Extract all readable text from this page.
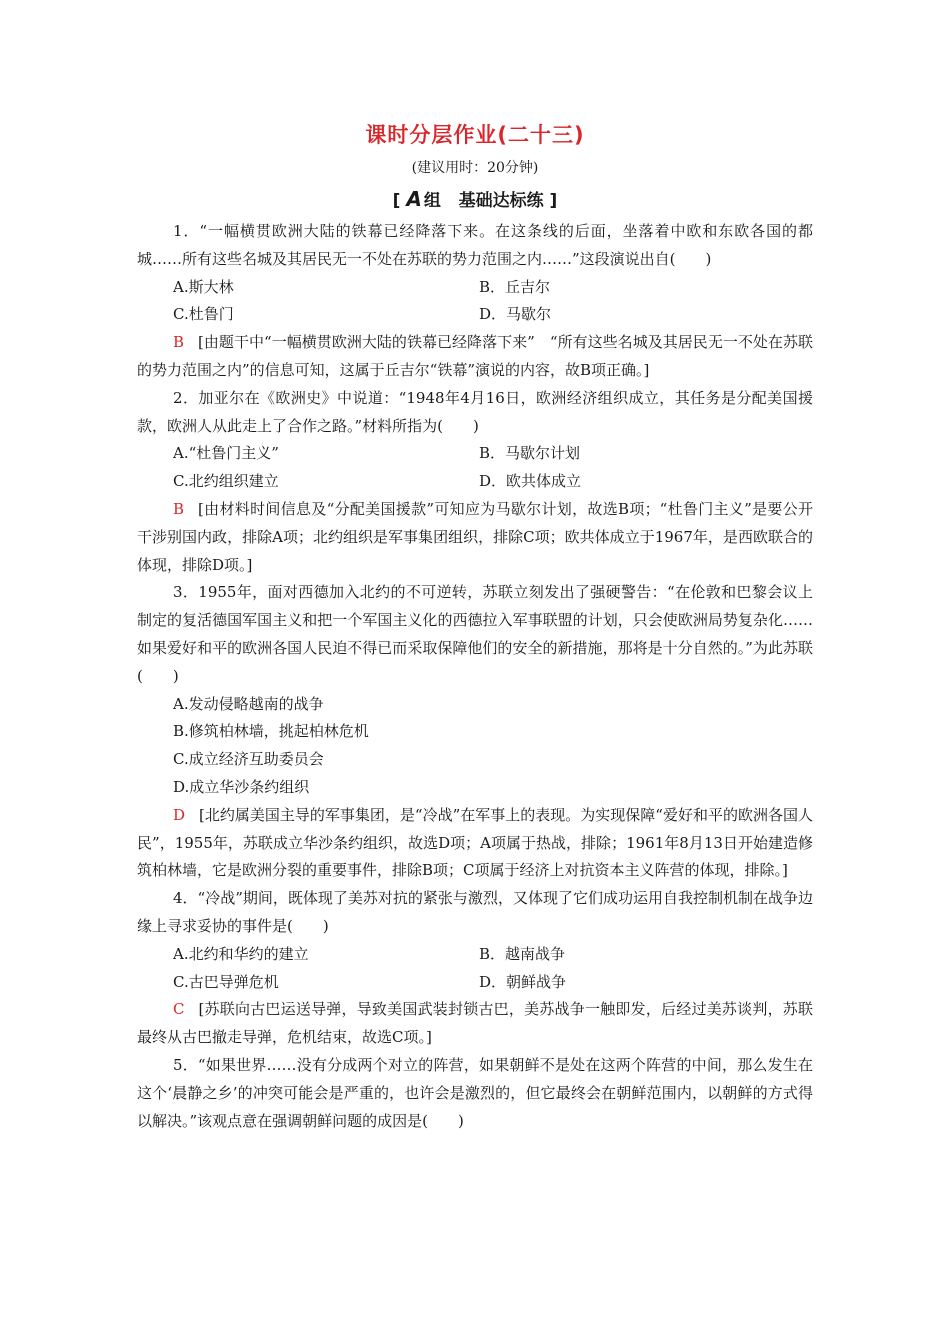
课时分层作业(二十三)
(建议用时：20分钟)
[ A 组 基础达标练 ]

1．“一幅横贯欧洲大陆的铁幕已经降落下来。在这条线的后面，坐落着中欧和东欧各国的都城……所有这些名城及其居民无一不处在苏联的势力范围之内……”这段演说出自(　　)

A.斯大林	B．丘吉尔
C.杜鲁门	D．马歇尔

B [由题干中“一幅横贯欧洲大陆的铁幕已经降落下来”　“所有这些名城及其居民无一不处在苏联的势力范围之内”的信息可知，这属于丘吉尔“铁幕”演说的内容，故B项正确。]

2．加亚尔在《欧洲史》中说道：“1948年4月16日，欧洲经济组织成立，其任务是分配美国援款，欧洲人从此走上了合作之路。”材料所指为(　　)

A.“杜鲁门主义”	B．马歇尔计划
C.北约组织建立	D．欧共体成立

B [由材料时间信息及“分配美国援款”可知应为马歇尔计划，故选B项；“杜鲁门主义”是要公开干涉别国内政，排除A项；北约组织是军事集团组织，排除C项；欧共体成立于1967年，是西欧联合的体现，排除D项。]

3．1955年，面对西德加入北约的不可逆转，苏联立刻发出了强硬警告：“在伦敦和巴黎会议上制定的复活德国军国主义和把一个军国主义化的西德拉入军事联盟的计划，只会使欧洲局势复杂化……如果爱好和平的欧洲各国人民迫不得已而采取保障他们的安全的新措施，那将是十分自然的。”为此苏联(　　)

A.发动侵略越南的战争
B.修筑柏林墙，挑起柏林危机
C.成立经济互助委员会
D.成立华沙条约组织

D [北约属美国主导的军事集团，是“冷战”在军事上的表现。为实现保障“爱好和平的欧洲各国人民”，1955年，苏联成立华沙条约组织，故选D项；A项属于热战，排除；1961年8月13日开始建造修筑柏林墙，它是欧洲分裂的重要事件，排除B项；C项属于经济上对抗资本主义阵营的体现，排除。]

4．“冷战”期间，既体现了美苏对抗的紧张与激烈，又体现了它们成功运用自我控制机制在战争边缘上寻求妥协的事件是(　　)

A.北约和华约的建立	B．越南战争
C.古巴导弹危机	D．朝鲜战争

C [苏联向古巴运送导弹，导致美国武装封锁古巴，美苏战争一触即发，后经过美苏谈判，苏联最终从古巴撤走导弹，危机结束，故选C项。]

5．“如果世界……没有分成两个对立的阵营，如果朝鲜不是处在这两个阵营的中间，那么发生在这个‘晨静之乡’的冲突可能会是严重的，也许会是激烈的，但它最终会在朝鲜范围内，以朝鲜的方式得以解决。”该观点意在强调朝鲜问题的成因是(　　)
